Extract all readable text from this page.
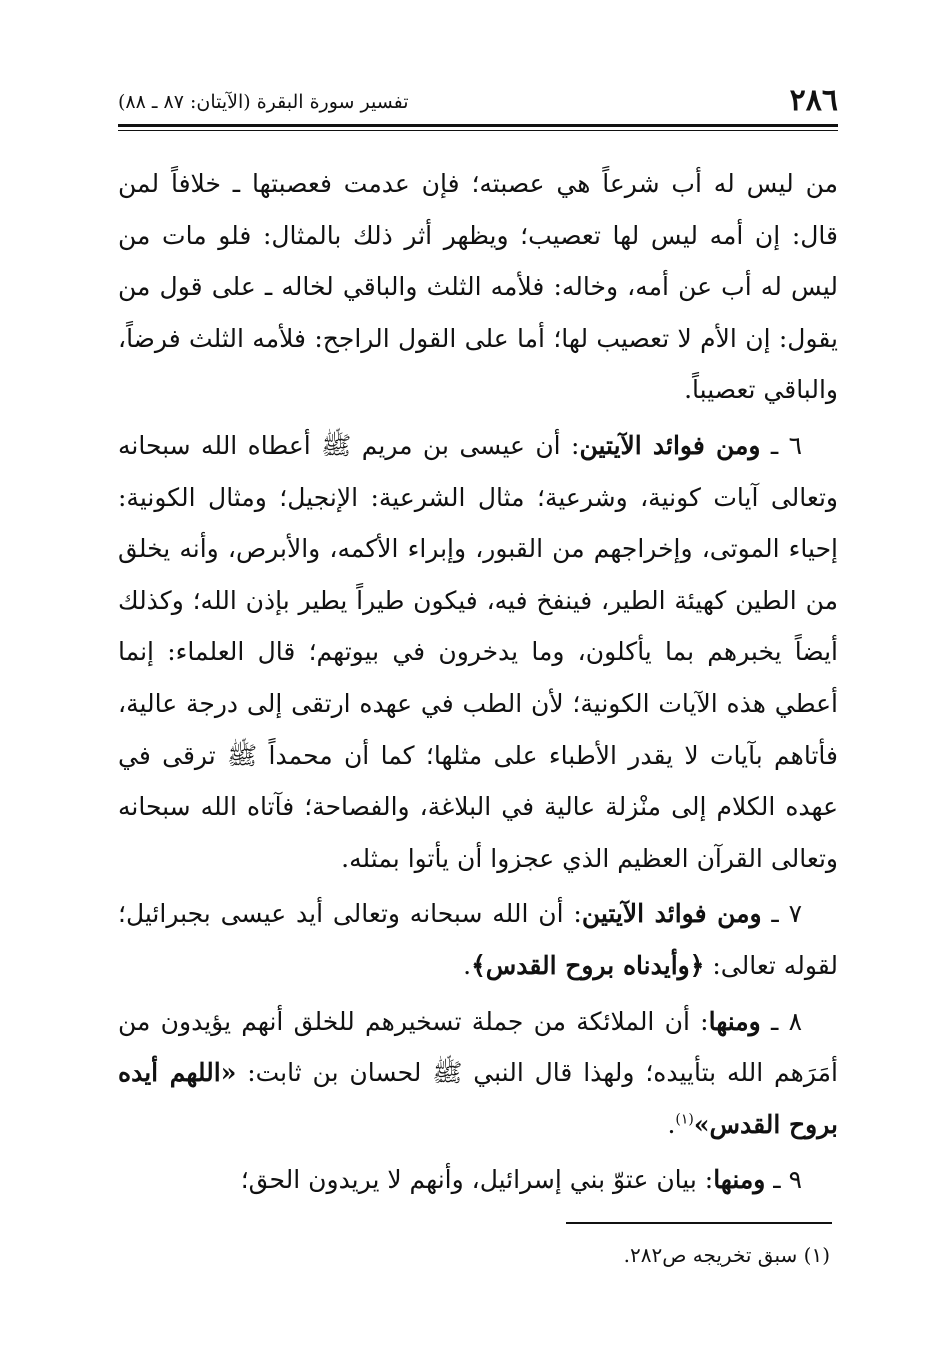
٢٨٦
تفسير سورة البقرة (الآيتان: ٨٧ ـ ٨٨)

من ليس له أب شرعاً هي عصبته؛ فإن عدمت فعصبتها ـ خلافاً لمن قال: إن أمه ليس لها تعصيب؛ ويظهر أثر ذلك بالمثال: فلو مات من ليس له أب عن أمه، وخاله: فلأمه الثلث والباقي لخاله ـ على قول من يقول: إن الأم لا تعصيب لها؛ أما على القول الراجح: فلأمه الثلث فرضاً، والباقي تعصيباً.

٦ ـ ومن فوائد الآيتين: أن عيسى بن مريم ﷺ أعطاه الله سبحانه وتعالى آيات كونية، وشرعية؛ مثال الشرعية: الإنجيل؛ ومثال الكونية: إحياء الموتى، وإخراجهم من القبور، وإبراء الأكمه، والأبرص، وأنه يخلق من الطين كهيئة الطير، فينفخ فيه، فيكون طيراً يطير بإذن الله؛ وكذلك أيضاً يخبرهم بما يأكلون، وما يدخرون في بيوتهم؛ قال العلماء: إنما أعطي هذه الآيات الكونية؛ لأن الطب في عهده ارتقى إلى درجة عالية، فأتاهم بآيات لا يقدر الأطباء على مثلها؛ كما أن محمداً ﷺ ترقى في عهده الكلام إلى منْزلة عالية في البلاغة، والفصاحة؛ فآتاه الله سبحانه وتعالى القرآن العظيم الذي عجزوا أن يأتوا بمثله.

٧ ـ ومن فوائد الآيتين: أن الله سبحانه وتعالى أيد عيسى بجبرائيل؛ لقوله تعالى: ﴿وأيدناه بروح القدس﴾.

٨ ـ ومنها: أن الملائكة من جملة تسخيرهم للخلق أنهم يؤيدون من أمَرَهم الله بتأييده؛ ولهذا قال النبي ﷺ لحسان بن ثابت: «اللهم أيده بروح القدس»$^{(١)}$.

٩ ـ ومنها: بيان عتوّ بني إسرائيل، وأنهم لا يريدون الحق؛

(١) سبق تخريجه ص٢٨٢.
